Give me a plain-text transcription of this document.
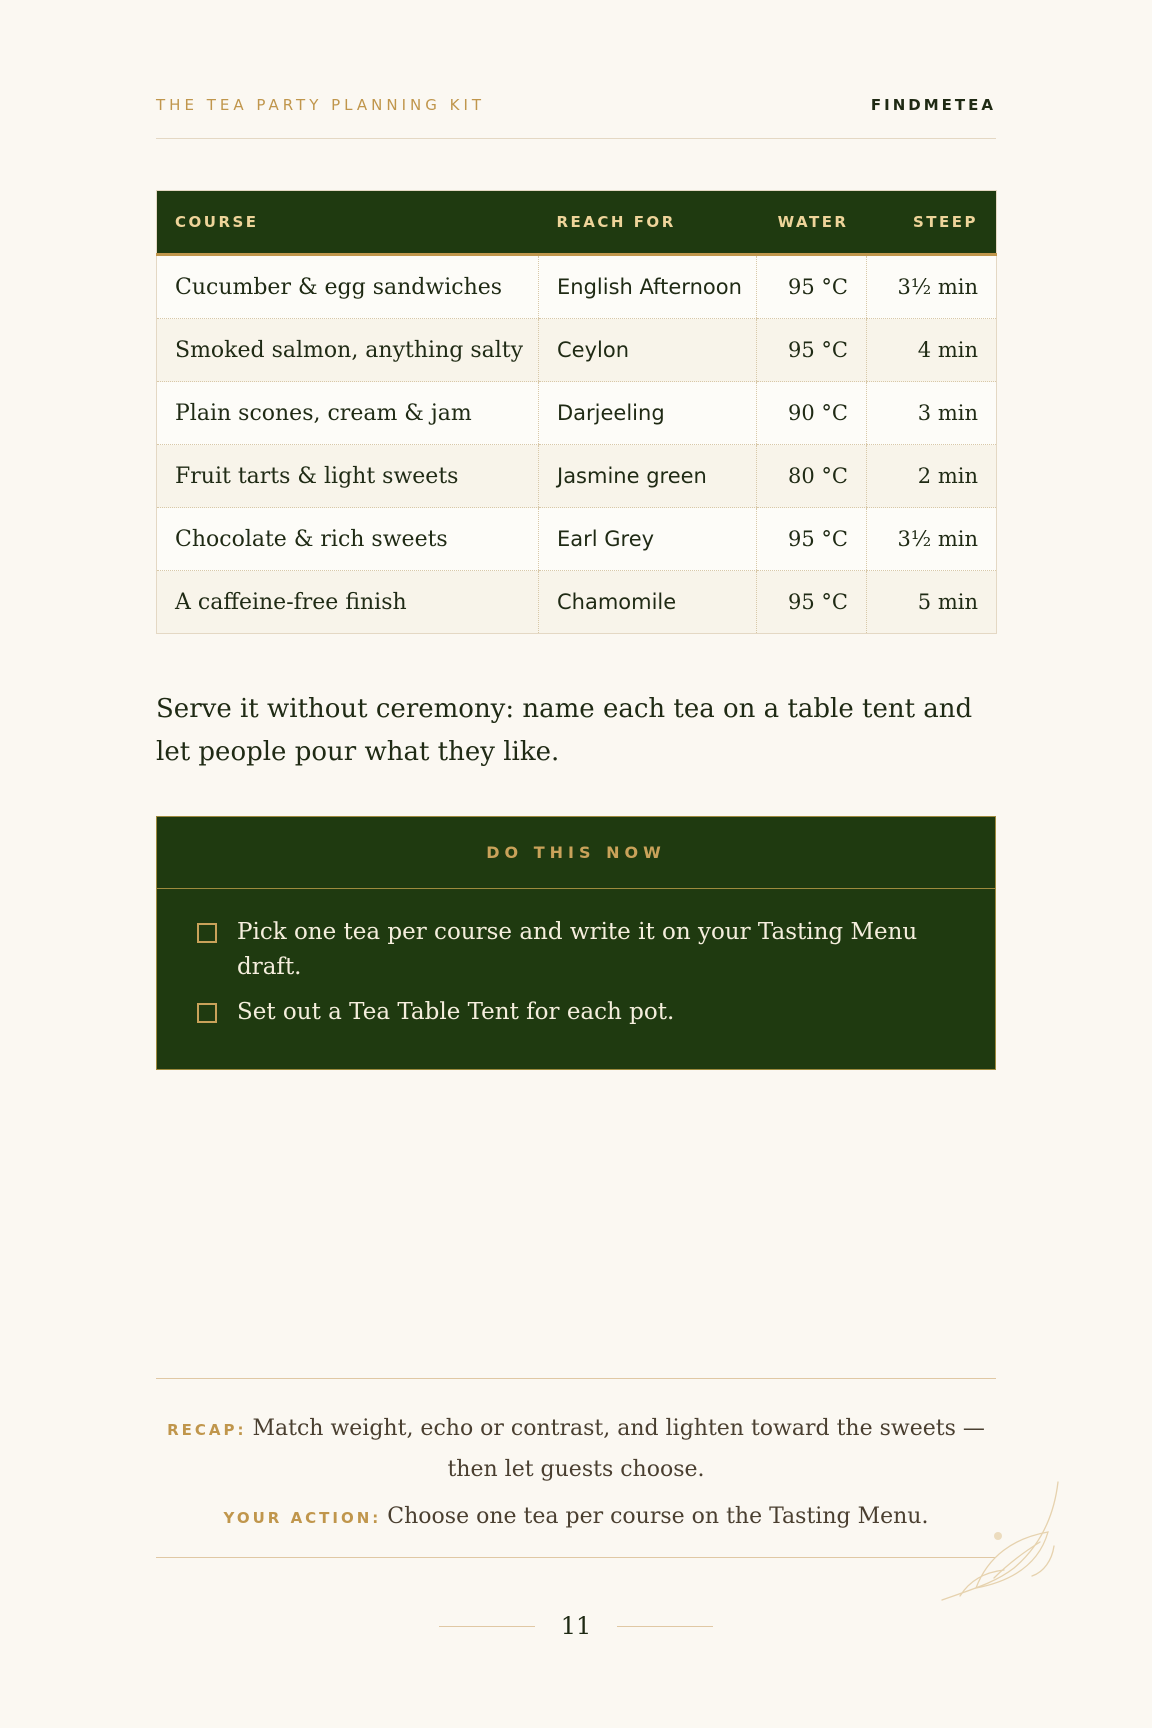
THE TEA PARTY PLANNING KIT	FINDMETEA
COURSE	REACH FOR	WATER	STEEP
Cucumber & egg sandwiches	English Afternoon	95 °C	3½ min
Smoked salmon, anything salty	Ceylon	95 °C	4 min
Plain scones, cream & jam	Darjeeling	90 °C	3 min
Fruit tarts & light sweets	Jasmine green	80 °C	2 min
Chocolate & rich sweets	Earl Grey	95 °C	3½ min
A caffeine-free finish	Chamomile	95 °C	5 min

Serve it without ceremony: name each tea on a table tent and let people pour what they like.

DO THIS NOW
Pick one tea per course and write it on your Tasting Menu draft.
Set out a Tea Table Tent for each pot.

RECAP: Match weight, echo or contrast, and lighten toward the sweets — then let guests choose.

YOUR ACTION: Choose one tea per course on the Tasting Menu.

11
